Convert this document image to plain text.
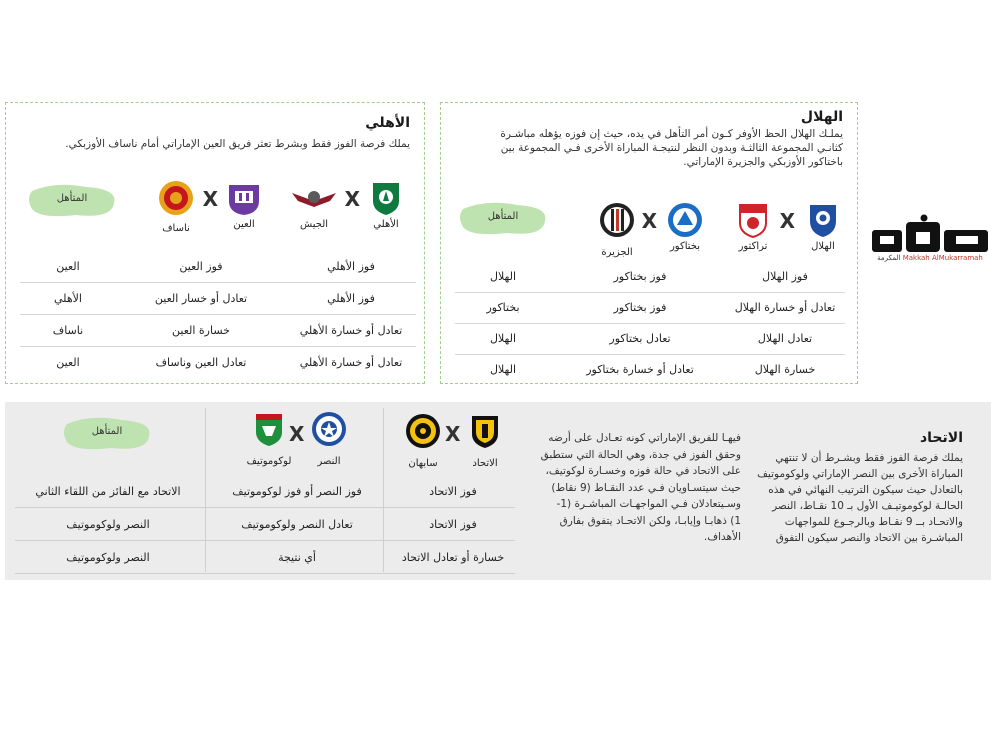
Makkah AlMukarramah المكرمة
الهلال
يملـك الهلال الحظ الأوفر كـون أمر التأهل في يده، حيث إن فوزه يؤهله مباشـرة
كثانـي المجموعة الثالثـة وبدون النظر لنتيجـة المباراة الأخرى فـي المجموعة بين
باختاكور الأوزبكي والجزيرة الإماراتي.
الهلال
X
تراكتور
بختاكور
X
الجزيرة
المتأهل
فوز الهلال
فوز بختاكور
الهلال
تعادل أو خسارة الهلال
فوز بختاكور
بختاكور
تعادل الهلال
تعادل بختاكور
الهلال
خسارة الهلال
تعادل أو خسارة بختاكور
الهلال
الأهلي
يملك فرصة الفوز فقط وبشرط تعثر فريق العين الإماراتي أمام ناساف الأوزبكي.
الأهلي
X
الجيش
العين
X
ناساف
المتأهل
فوز الأهلي
فوز العين
العين
فوز الأهلي
تعادل أو خسار العين
الأهلي
تعادل أو خسارة الأهلي
خسارة العين
ناساف
تعادل أو خسارة الأهلي
تعادل العين وناساف
العين
الاتحاد
يملك فرصة الفوز فقط وبشـرط أن لا تنتهي
المباراة الأخرى بين النصر الإماراتي ولوكوموتيف
بالتعادل حيث سيكون الترتيب النهائي في هذه
الحالـة لوكوموتيـف الأول بـ 10 نقـاط، النصر
والاتحـاد بــ 9 نقـاط وبالرجـوع للمواجهات
المباشـرة بين الاتحاد والنصر سيكون التفوق
فيهـا للفريق الإماراتي كونه تعـادل على أرضه
وحقق الفوز في جدة، وهي الحالة التي ستطبق
على الاتحاد في حالة فوزه وخسـارة لوكوتيف،
حيث سيتسـاويان فـي عدد النقـاط (9 نقاط)
وسـيتعادلان فـي المواجهـات المباشـرة (1-
1) ذهابـا وإيابـا، ولكن الاتحـاد يتفوق بفارق
الأهداف.
الاتحاد
X
سابهان
النصر
X
لوكوموتيف
المتأهل
فوز الاتحاد
فوز النصر أو فوز لوكوموتيف
الاتحاد مع الفائز من اللقاء الثاني
فوز الاتحاد
تعادل النصر ولوكوموتيف
النصر ولوكوموتيف
خسارة أو تعادل الاتحاد
أي نتيجة
النصر ولوكوموتيف
